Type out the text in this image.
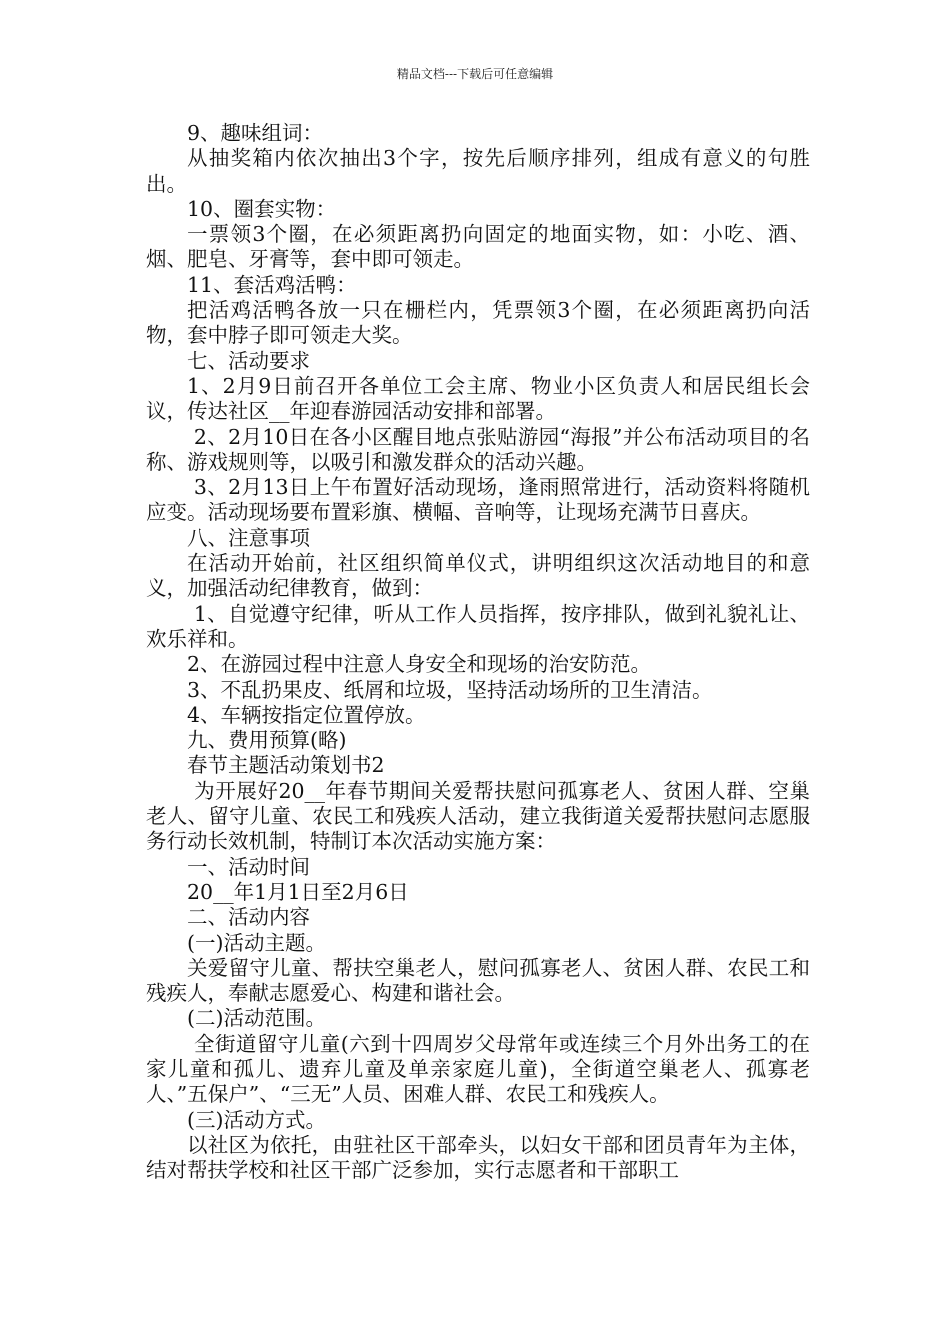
精品文档---下载后可任意编辑

9、趣味组词：

从抽奖箱内依次抽出3个字，按先后顺序排列，组成有意义的句胜出。

10、圈套实物：

一票领3个圈，在必须距离扔向固定的地面实物，如：小吃、酒、烟、肥皂、牙膏等，套中即可领走。

11、套活鸡活鸭：

把活鸡活鸭各放一只在栅栏内，凭票领3个圈，在必须距离扔向活物，套中脖子即可领走大奖。

七、活动要求

1、2月9日前召开各单位工会主席、物业小区负责人和居民组长会议，传达社区__年迎春游园活动安排和部署。

2、2月10日在各小区醒目地点张贴游园“海报”并公布活动项目的名称、游戏规则等，以吸引和激发群众的活动兴趣。

3、2月13日上午布置好活动现场，逢雨照常进行，活动资料将随机应变。活动现场要布置彩旗、横幅、音响等，让现场充满节日喜庆。

八、注意事项

在活动开始前，社区组织简单仪式，讲明组织这次活动地目的和意义，加强活动纪律教育，做到：

1、自觉遵守纪律，听从工作人员指挥，按序排队，做到礼貌礼让、欢乐祥和。

2、在游园过程中注意人身安全和现场的治安防范。

3、不乱扔果皮、纸屑和垃圾，坚持活动场所的卫生清洁。

4、车辆按指定位置停放。

九、费用预算(略)

春节主题活动策划书2

为开展好20__年春节期间关爱帮扶慰问孤寡老人、贫困人群、空巢老人、留守儿童、农民工和残疾人活动，建立我街道关爱帮扶慰问志愿服务行动长效机制，特制订本次活动实施方案：

一、活动时间

20__年1月1日至2月6日

二、活动内容

(一)活动主题。

关爱留守儿童、帮扶空巢老人，慰问孤寡老人、贫困人群、农民工和残疾人，奉献志愿爱心、构建和谐社会。

(二)活动范围。

全街道留守儿童(六到十四周岁父母常年或连续三个月外出务工的在家儿童和孤儿、遗弃儿童及单亲家庭儿童)，全街道空巢老人、孤寡老人、”五保户”、“三无”人员、困难人群、农民工和残疾人。

(三)活动方式。

以社区为依托，由驻社区干部牵头，以妇女干部和团员青年为主体，结对帮扶学校和社区干部广泛参加，实行志愿者和干部职工
